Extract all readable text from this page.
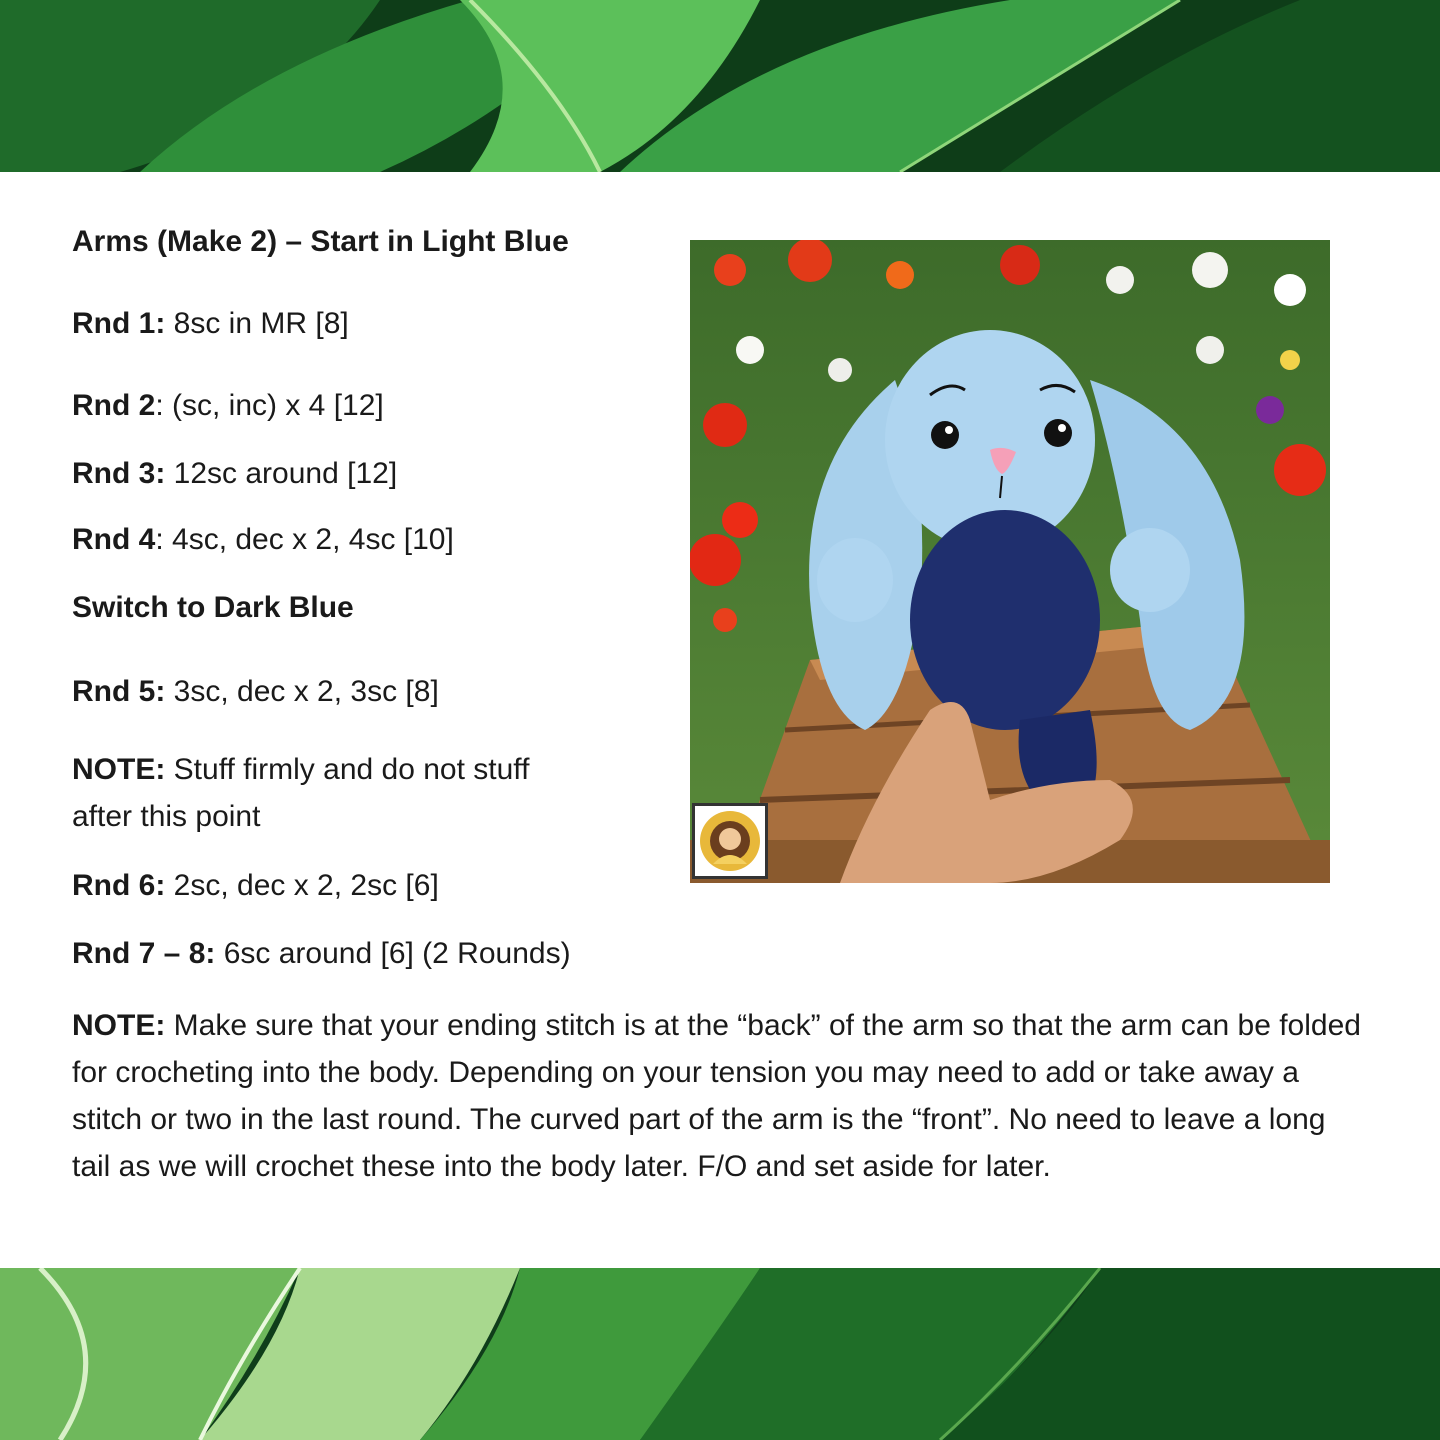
Arms (Make 2) – Start in Light Blue
Rnd 1: 8sc in MR [8]
Rnd 2: (sc, inc) x 4 [12]
Rnd 3: 12sc around [12]
Rnd 4: 4sc, dec x 2, 4sc [10]
Switch to Dark Blue
Rnd 5: 3sc, dec x 2, 3sc [8]
NOTE: Stuff firmly and do not stuff after this point
Rnd 6: 2sc, dec x 2, 2sc [6]
Rnd 7 – 8: 6sc around [6] (2 Rounds)
NOTE: Make sure that your ending stitch is at the “back” of the arm so that the arm can be folded for crocheting into the body. Depending on your tension you may need to add or take away a stitch or two in the last round. The curved part of the arm is the “front”. No need to leave a long tail as we will crochet these into the body later. F/O and set aside for later.
